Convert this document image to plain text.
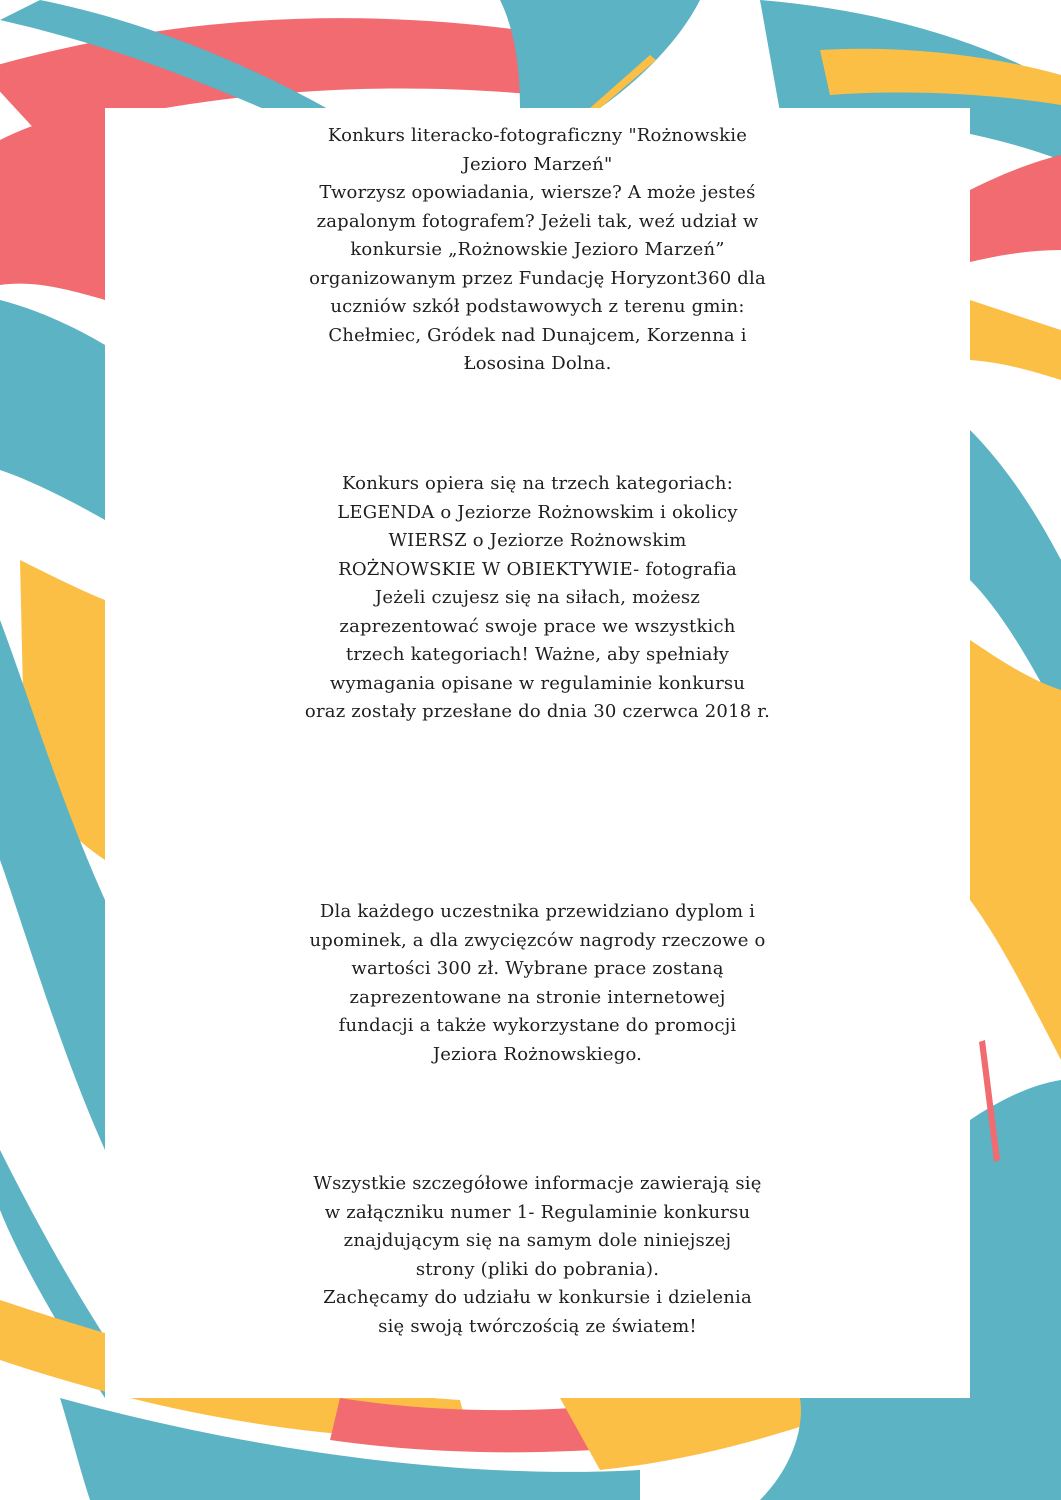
Konkurs literacko-fotograficzny "Rożnowskie
Jezioro Marzeń"
Tworzysz opowiadania, wiersze? A może jesteś
zapalonym fotografem? Jeżeli tak, weź udział w
konkursie „Rożnowskie Jezioro Marzeń”
organizowanym przez Fundację Horyzont360 dla
uczniów szkół podstawowych z terenu gmin:
Chełmiec, Gródek nad Dunajcem, Korzenna i
Łososina Dolna.
Konkurs opiera się na trzech kategoriach:
LEGENDA o Jeziorze Rożnowskim i okolicy
WIERSZ o Jeziorze Rożnowskim
ROŻNOWSKIE W OBIEKTYWIE- fotografia
Jeżeli czujesz się na siłach, możesz
zaprezentować swoje prace we wszystkich
trzech kategoriach! Ważne, aby spełniały
wymagania opisane w regulaminie konkursu
oraz zostały przesłane do dnia 30 czerwca 2018 r.
Dla każdego uczestnika przewidziano dyplom i
upominek, a dla zwycięzców nagrody rzeczowe o
wartości 300 zł. Wybrane prace zostaną
zaprezentowane na stronie internetowej
fundacji a także wykorzystane do promocji
Jeziora Rożnowskiego.
Wszystkie szczegółowe informacje zawierają się
w załączniku numer 1- Regulaminie konkursu
znajdującym się na samym dole niniejszej
strony (pliki do pobrania).
Zachęcamy do udziału w konkursie i dzielenia
się swoją twórczością ze światem!
